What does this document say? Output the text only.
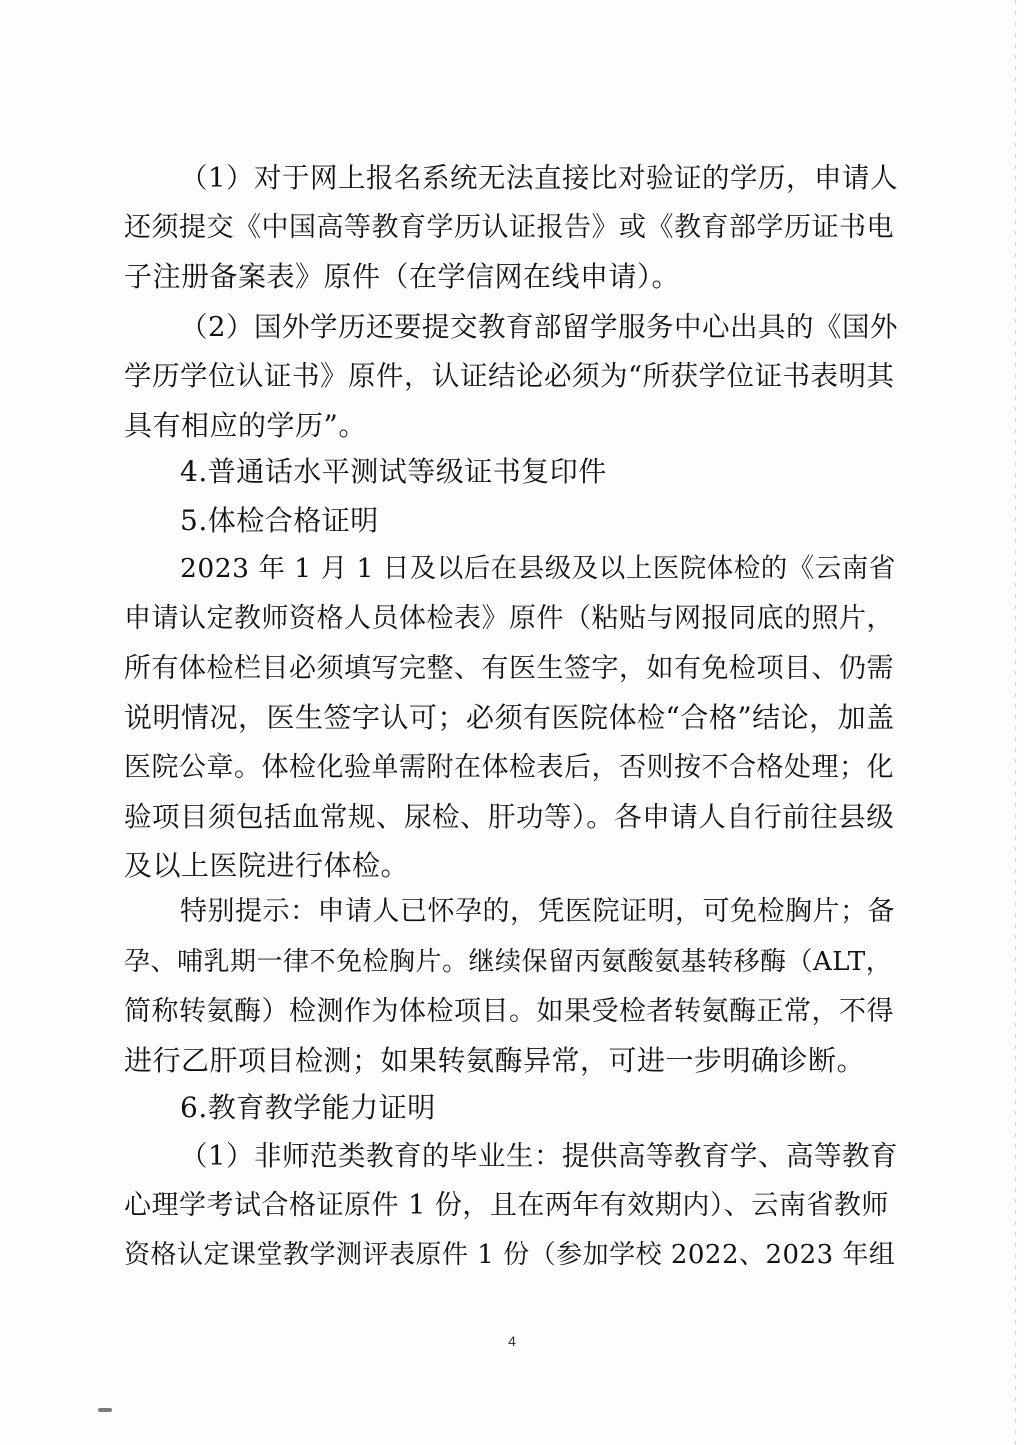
（1）对于网上报名系统无法直接比对验证的学历，申请人
还须提交《中国高等教育学历认证报告》或《教育部学历证书电
子注册备案表》原件（在学信网在线申请）。
（2）国外学历还要提交教育部留学服务中心出具的《国外
学历学位认证书》原件，认证结论必须为“所获学位证书表明其
具有相应的学历”。
4.普通话水平测试等级证书复印件
5.体检合格证明
2023 年 1 月 1 日及以后在县级及以上医院体检的《云南省
申请认定教师资格人员体检表》原件（粘贴与网报同底的照片，
所有体检栏目必须填写完整、有医生签字，如有免检项目、仍需
说明情况，医生签字认可；必须有医院体检“合格”结论，加盖
医院公章。体检化验单需附在体检表后，否则按不合格处理；化
验项目须包括血常规、尿检、肝功等）。各申请人自行前往县级
及以上医院进行体检。
特别提示：申请人已怀孕的，凭医院证明，可免检胸片；备
孕、哺乳期一律不免检胸片。继续保留丙氨酸氨基转移酶（ALT，
简称转氨酶）检测作为体检项目。如果受检者转氨酶正常，不得
进行乙肝项目检测；如果转氨酶异常，可进一步明确诊断。
6.教育教学能力证明
（1）非师范类教育的毕业生：提供高等教育学、高等教育
心理学考试合格证原件 1 份，且在两年有效期内）、云南省教师
资格认定课堂教学测评表原件 1 份（参加学校 2022、2023 年组
4
